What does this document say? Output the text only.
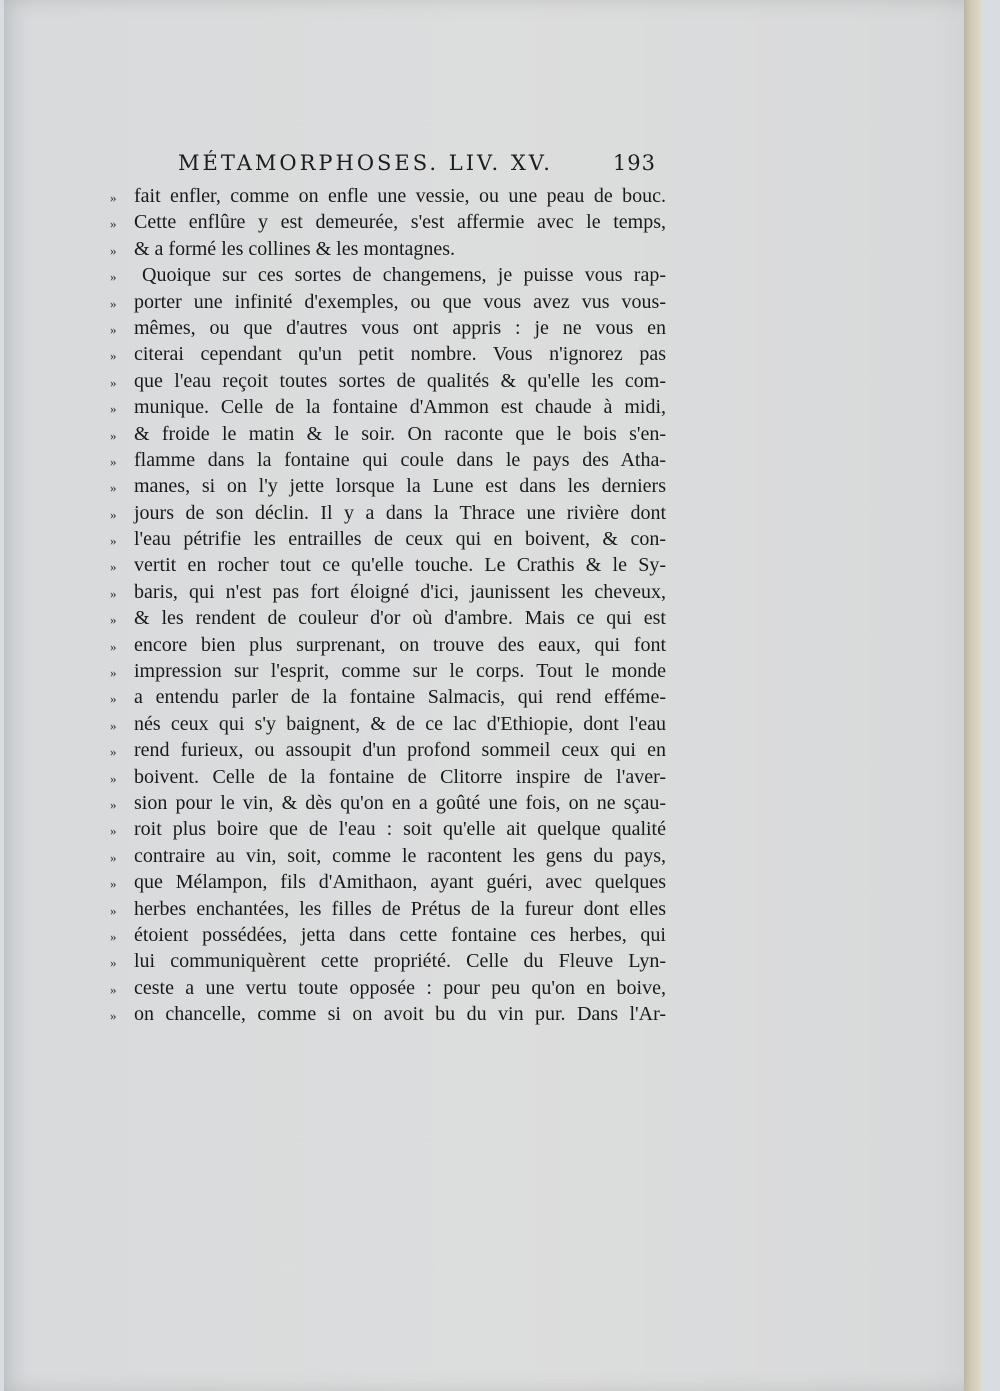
MÉTAMORPHOSES. LIV. XV.	193
» fait enfler, comme on enfle une vessie, ou une peau de bouc.
» Cette enflûre y est demeurée, s'est affermie avec le temps,
» & a formé les collines & les montagnes.
»	Quoique sur ces sortes de changemens, je puisse vous rap-
» porter une infinité d'exemples, ou que vous avez vus vous-
» mêmes, ou que d'autres vous ont appris : je ne vous en
» citerai cependant qu'un petit nombre. Vous n'ignorez pas
» que l'eau reçoit toutes sortes de qualités & qu'elle les com-
» munique. Celle de la fontaine d'Ammon est chaude à midi,
» & froide le matin & le soir. On raconte que le bois s'en-
» flamme dans la fontaine qui coule dans le pays des Atha-
» manes, si on l'y jette lorsque la Lune est dans les derniers
» jours de son déclin. Il y a dans la Thrace une rivière dont
» l'eau pétrifie les entrailles de ceux qui en boivent, & con-
» vertit en rocher tout ce qu'elle touche. Le Crathis & le Sy-
» baris, qui n'est pas fort éloigné d'ici, jaunissent les cheveux,
» & les rendent de couleur d'or où d'ambre. Mais ce qui est
» encore bien plus surprenant, on trouve des eaux, qui font
» impression sur l'esprit, comme sur le corps. Tout le monde
» a entendu parler de la fontaine Salmacis, qui rend efféme-
» nés ceux qui s'y baignent, & de ce lac d'Ethiopie, dont l'eau
» rend furieux, ou assoupit d'un profond sommeil ceux qui en
» boivent. Celle de la fontaine de Clitorre inspire de l'aver-
» sion pour le vin, & dès qu'on en a goûté une fois, on ne sçau-
» roit plus boire que de l'eau : soit qu'elle ait quelque qualité
» contraire au vin, soit, comme le racontent les gens du pays,
» que Mélampon, fils d'Amithaon, ayant guéri, avec quelques
» herbes enchantées, les filles de Prétus de la fureur dont elles
» étoient possédées, jetta dans cette fontaine ces herbes, qui
» lui communiquèrent cette propriété. Celle du Fleuve Lyn-
» ceste a une vertu toute opposée : pour peu qu'on en boive,
» on chancelle, comme si on avoit bu du vin pur. Dans l'Ar-
